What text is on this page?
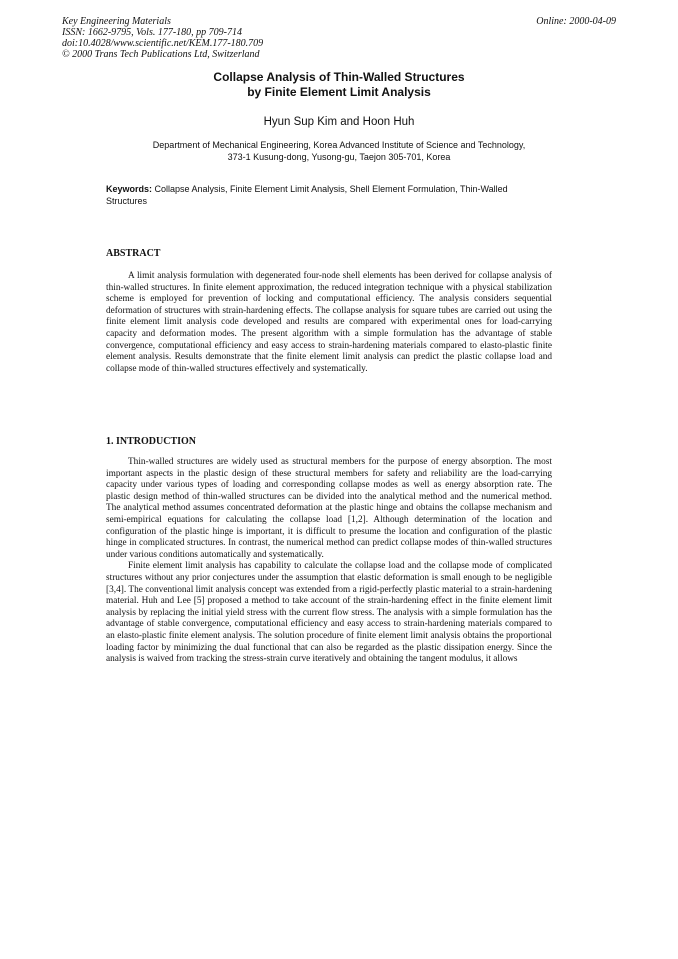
Key Engineering Materials
ISSN: 1662-9795, Vols. 177-180, pp 709-714
doi:10.4028/www.scientific.net/KEM.177-180.709
© 2000 Trans Tech Publications Ltd, Switzerland
Online: 2000-04-09
Collapse Analysis of Thin-Walled Structures
by Finite Element Limit Analysis
Hyun Sup Kim and Hoon Huh
Department of Mechanical Engineering, Korea Advanced Institute of Science and Technology,
373-1 Kusung-dong, Yusong-gu, Taejon 305-701, Korea
Keywords: Collapse Analysis, Finite Element Limit Analysis, Shell Element Formulation, Thin-Walled Structures
ABSTRACT

A limit analysis formulation with degenerated four-node shell elements has been derived for collapse analysis of thin-walled structures. In finite element approximation, the reduced integration technique with a physical stabilization scheme is employed for prevention of locking and computational efficiency. The analysis considers sequential deformation of structures with strain-hardening effects. The collapse analysis for square tubes are carried out using the finite element limit analysis code developed and results are compared with experimental ones for load-carrying capacity and deformation modes. The present algorithm with a simple formulation has the advantage of stable convergence, computational efficiency and easy access to strain-hardening materials compared to elasto-plastic finite element analysis. Results demonstrate that the finite element limit analysis can predict the plastic collapse load and collapse mode of thin-walled structures effectively and systematically.

1. INTRODUCTION

Thin-walled structures are widely used as structural members for the purpose of energy absorption. The most important aspects in the plastic design of these structural members for safety and reliability are the load-carrying capacity under various types of loading and corresponding collapse modes as well as energy absorption rate. The plastic design method of thin-walled structures can be divided into the analytical method and the numerical method. The analytical method assumes concentrated deformation at the plastic hinge and obtains the collapse mechanism and semi-empirical equations for calculating the collapse load [1,2]. Although determination of the location and configuration of the plastic hinge is important, it is difficult to presume the location and configuration of the plastic hinge in complicated structures. In contrast, the numerical method can predict collapse modes of thin-walled structures under various conditions automatically and systematically.

Finite element limit analysis has capability to calculate the collapse load and the collapse mode of complicated structures without any prior conjectures under the assumption that elastic deformation is small enough to be negligible [3,4]. The conventional limit analysis concept was extended from a rigid-perfectly plastic material to a strain-hardening material. Huh and Lee [5] proposed a method to take account of the strain-hardening effect in the finite element limit analysis by replacing the initial yield stress with the current flow stress. The analysis with a simple formulation has the advantage of stable convergence, computational efficiency and easy access to strain-hardening materials compared to an elasto-plastic finite element analysis. The solution procedure of finite element limit analysis obtains the proportional loading factor by minimizing the dual functional that can also be regarded as the plastic dissipation energy. Since the analysis is waived from tracking the stress-strain curve iteratively and obtaining the tangent modulus, it allows
